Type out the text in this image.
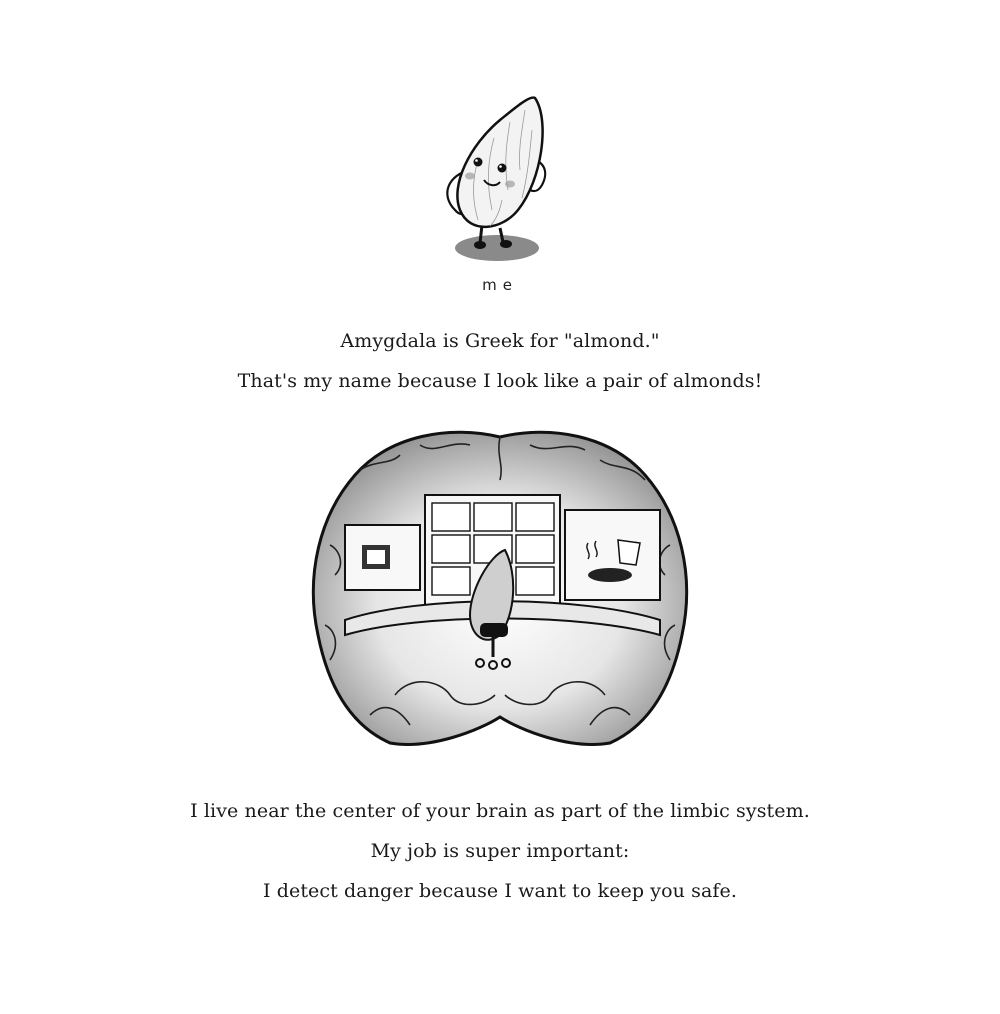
me
Amygdala is Greek for "almond."
That's my name because I look like a pair of almonds!
I live near the center of your brain as part of the limbic system.
My job is super important:
I detect danger because I want to keep you safe.
